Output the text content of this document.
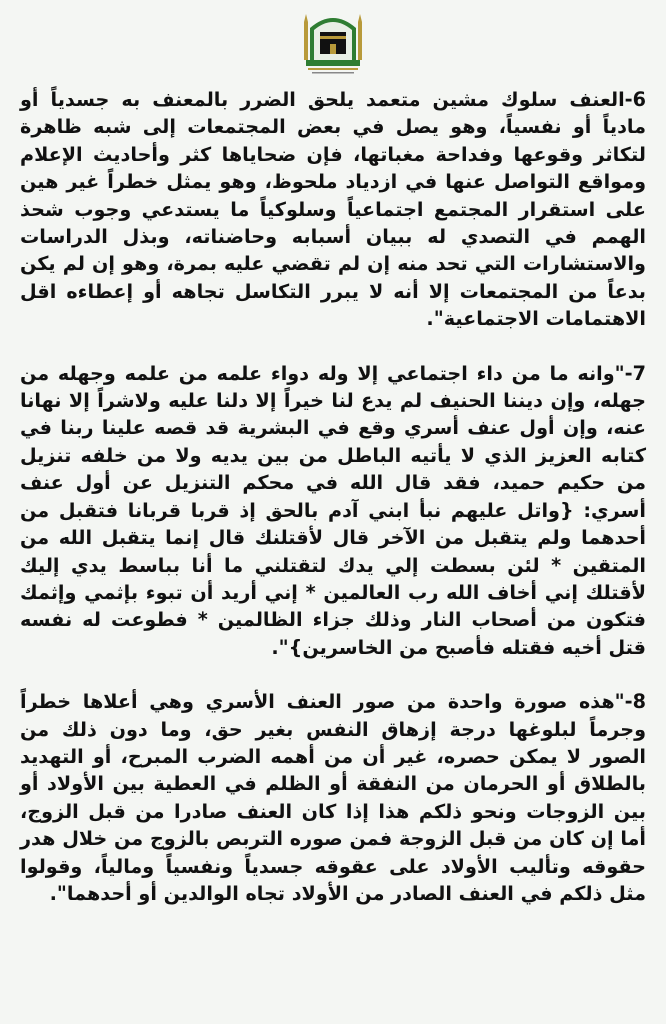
6-العنف سلوك مشين متعمد يلحق الضرر بالمعنف به جسدياً أو مادياً أو نفسياً، وهو يصل في بعض المجتمعات إلى شبه ظاهرة لتكاثر وقوعها وفداحة مغباتها، فإن ضحاياها كثر وأحاديث الإعلام ومواقع التواصل عنها في ازدياد ملحوظ، وهو يمثل خطراً غير هين على استقرار المجتمع اجتماعياً وسلوكياً ما يستدعي وجوب شحذ الهمم في التصدي له ببيان أسبابه وحاضناته، وبذل الدراسات والاستشارات التي تحد منه إن لم تقضي عليه بمرة، وهو إن لم يكن بدعاً من المجتمعات إلا أنه لا يبرر التكاسل تجاهه أو إعطاءه اقل الاهتمامات الاجتماعية".

7-"وانه ما من داء اجتماعي إلا وله دواء علمه من علمه وجهله من جهله، وإن ديننا الحنيف لم يدع لنا خيراً إلا دلنا عليه ولاشراً إلا نهانا عنه، وإن أول عنف أسري وقع في البشرية قد قصه علينا ربنا في كتابه العزيز الذي لا يأتيه الباطل من بين يديه ولا من خلفه تنزيل من حكيم حميد، فقد قال الله في محكم التنزيل عن أول عنف أسري: {واتل عليهم نبأ ابني آدم بالحق إذ قربا قربانا فتقبل من أحدهما ولم يتقبل من الآخر قال لأقتلنك قال إنما يتقبل الله من المتقين * لئن بسطت إلي يدك لتقتلني ما أنا بباسط يدي إليك لأقتلك إني أخاف الله رب العالمين * إني أريد أن تبوء بإثمي وإثمك فتكون من أصحاب النار وذلك جزاء الظالمين * فطوعت له نفسه قتل أخيه فقتله فأصبح من الخاسرين}".

8-"هذه صورة واحدة من صور العنف الأسري وهي أعلاها خطراً وجرماً لبلوغها درجة إزهاق النفس بغير حق، وما دون ذلك من الصور لا يمكن حصره، غير أن من أهمه الضرب المبرح، أو التهديد بالطلاق أو الحرمان من النفقة أو الظلم في العطية بين الأولاد أو بين الزوجات ونحو ذلكم هذا إذا كان العنف صادرا من قبل الزوج، أما إن كان من قبل الزوجة فمن صوره التربص بالزوج من خلال هدر حقوقه وتأليب الأولاد على عقوقه جسدياً ونفسياً ومالياً، وقولوا مثل ذلكم في العنف الصادر من الأولاد تجاه الوالدين أو أحدهما".
